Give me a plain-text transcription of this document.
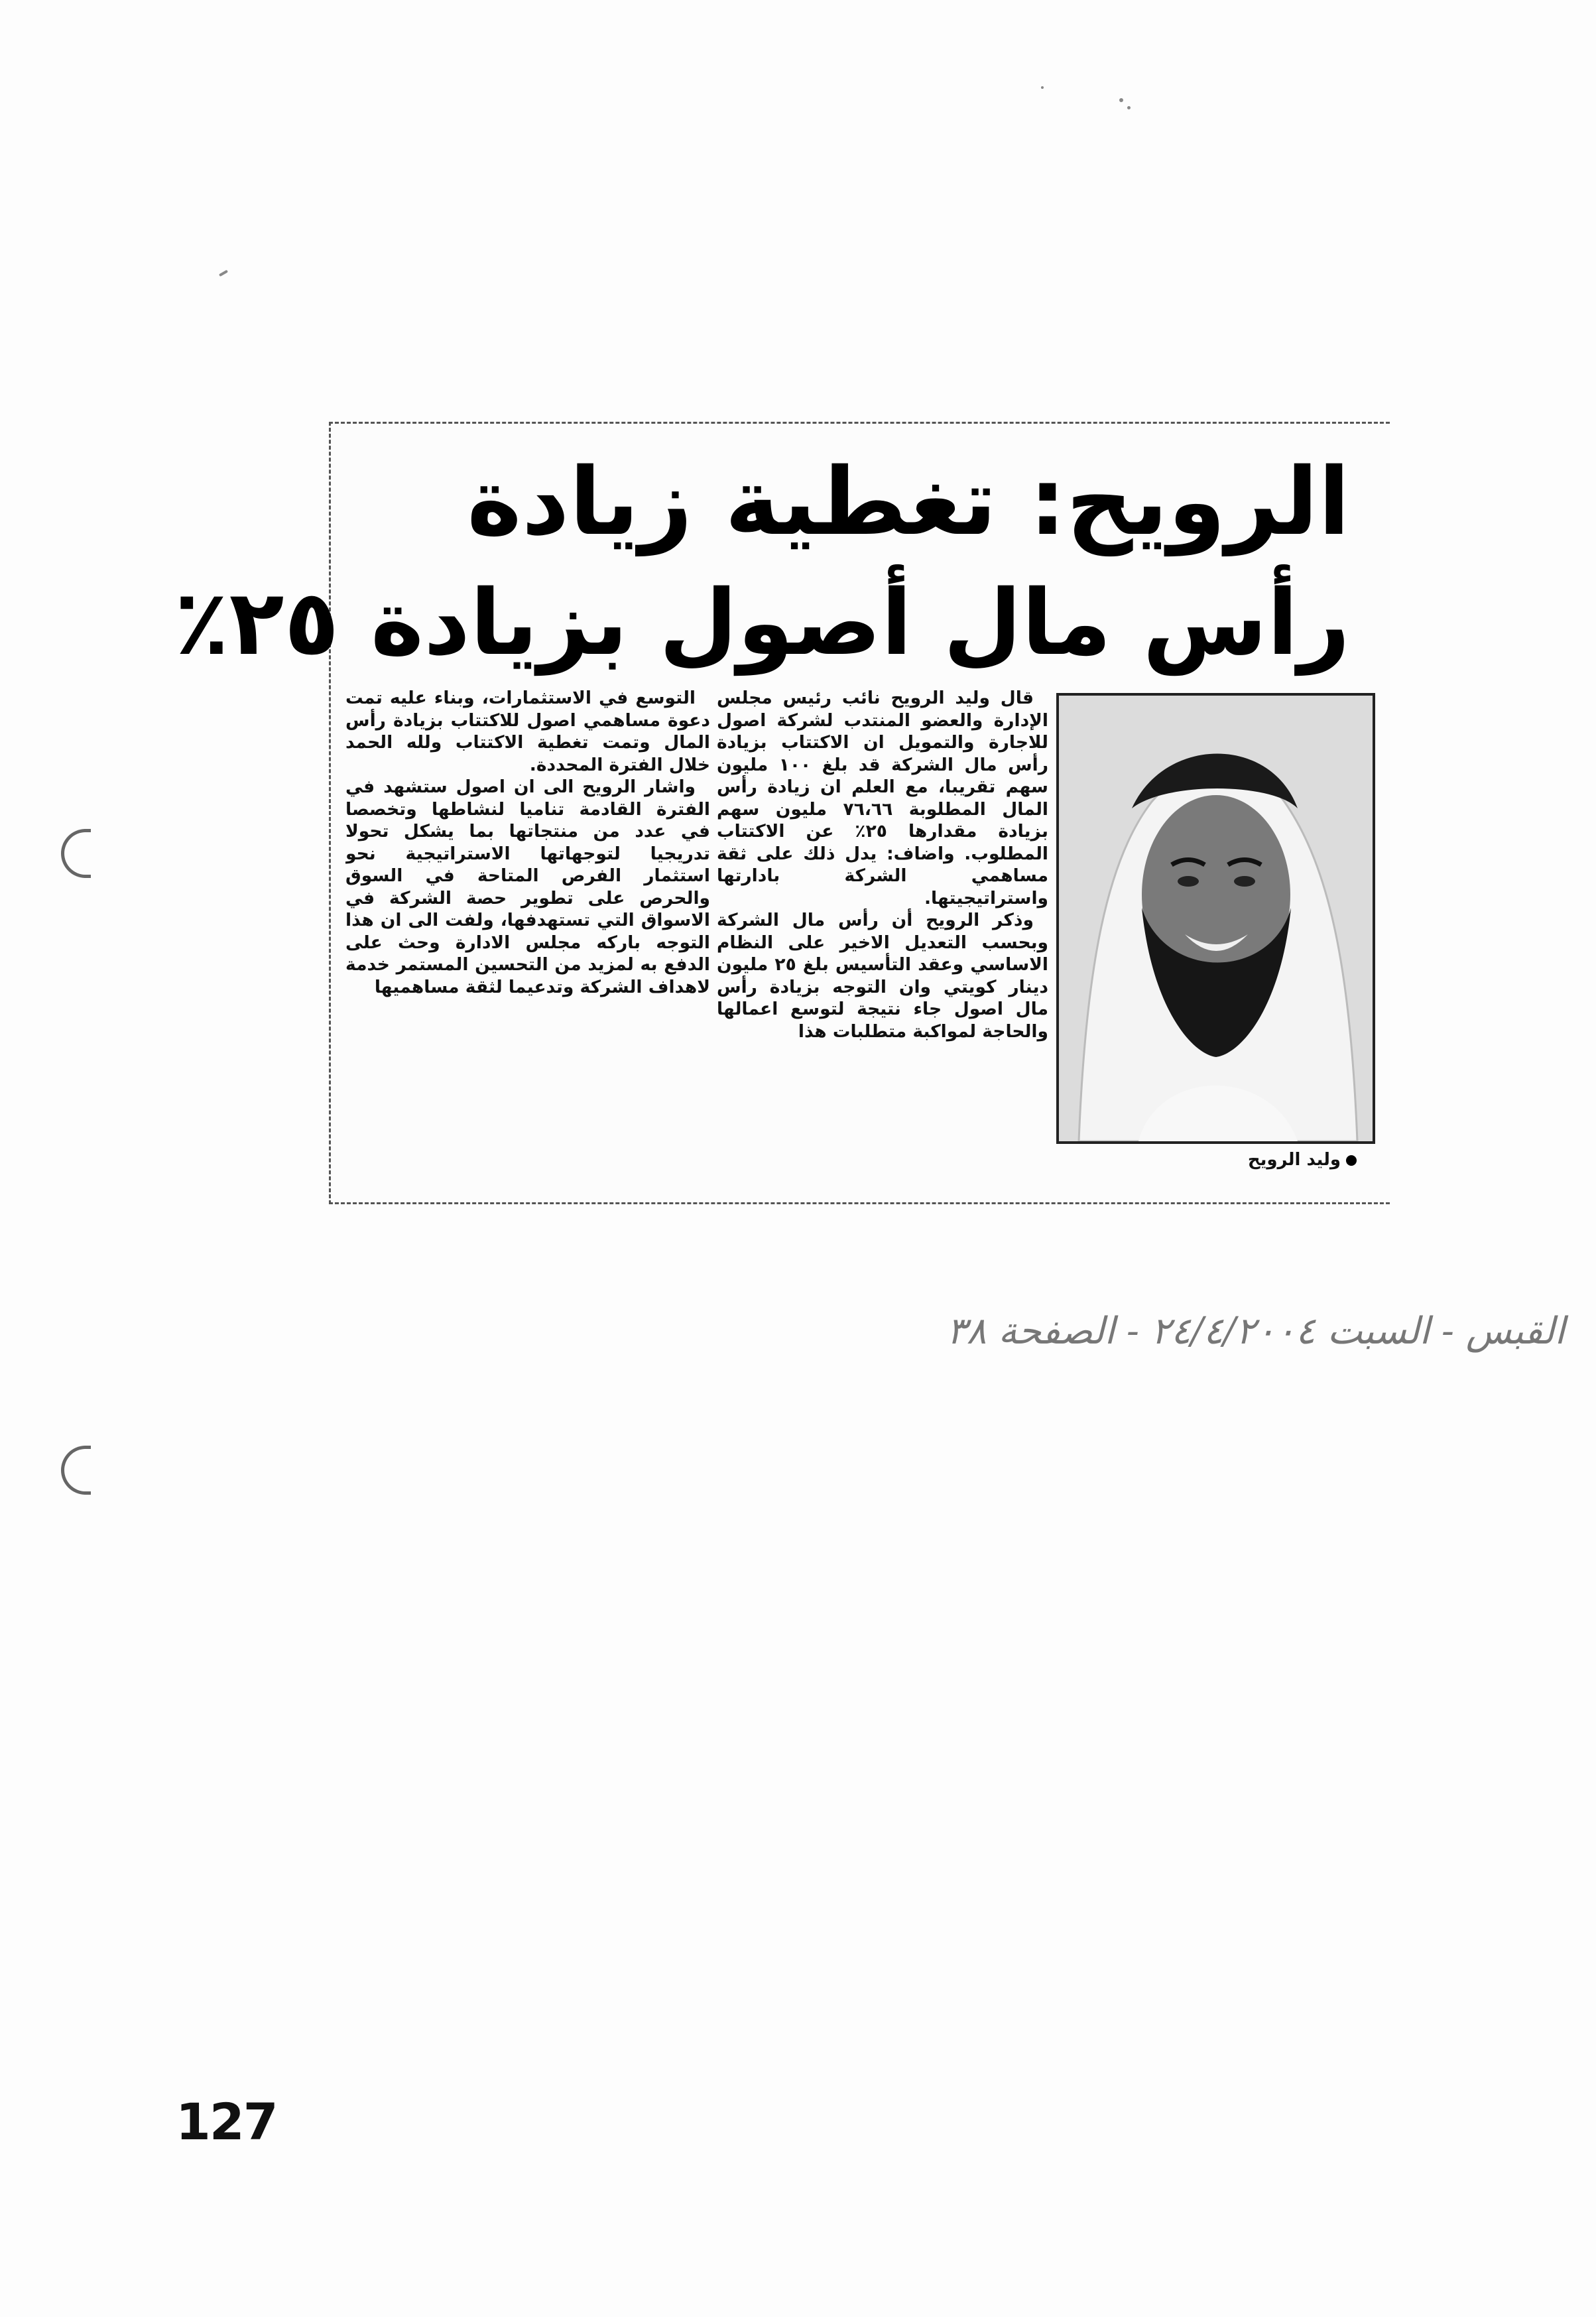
الرويح: تغطية زيادة
رأس مال أصول بزيادة ٢٥٪
وليد الرويح

قال وليد الرويح نائب رئيس مجلس الإدارة والعضو المنتدب لشركة اصول للاجارة والتمويل ان الاكتتاب بزيادة رأس مال الشركة قد بلغ ١٠٠ مليون سهم تقريبا، مع العلم ان زيادة رأس المال المطلوبة ٧٦،٦٦ مليون سهم بزيادة مقدارها ٢٥٪ عن الاكتتاب المطلوب. واضاف: يدل ذلك على ثقة مساهمي الشركة بادارتها واستراتيجيتها.

وذكر الرويح أن رأس مال الشركة وبحسب التعديل الاخير على النظام الاساسي وعقد التأسيس بلغ ٢٥ مليون دينار كويتي وان التوجه بزيادة رأس مال اصول جاء نتيجة لتوسع اعمالها والحاجة لمواكبة متطلبات هذا

التوسع في الاستثمارات، وبناء عليه تمت دعوة مساهمي اصول للاكتتاب بزيادة رأس المال وتمت تغطية الاكتتاب ولله الحمد خلال الفترة المحددة.

واشار الرويح الى ان اصول ستشهد في الفترة القادمة تناميا لنشاطها وتخصصا في عدد من منتجاتها بما يشكل تحولا تدريجيا لتوجهاتها الاستراتيجية نحو استثمار الفرص المتاحة في السوق والحرص على تطوير حصة الشركة في الاسواق التي تستهدفها، ولفت الى ان هذا التوجه باركه مجلس الادارة وحث على الدفع به لمزيد من التحسين المستمر خدمة لاهداف الشركة وتدعيما لثقة مساهميها

القبس - السبت ٢٤/٤/٢٠٠٤ - الصفحة ٣٨
127
